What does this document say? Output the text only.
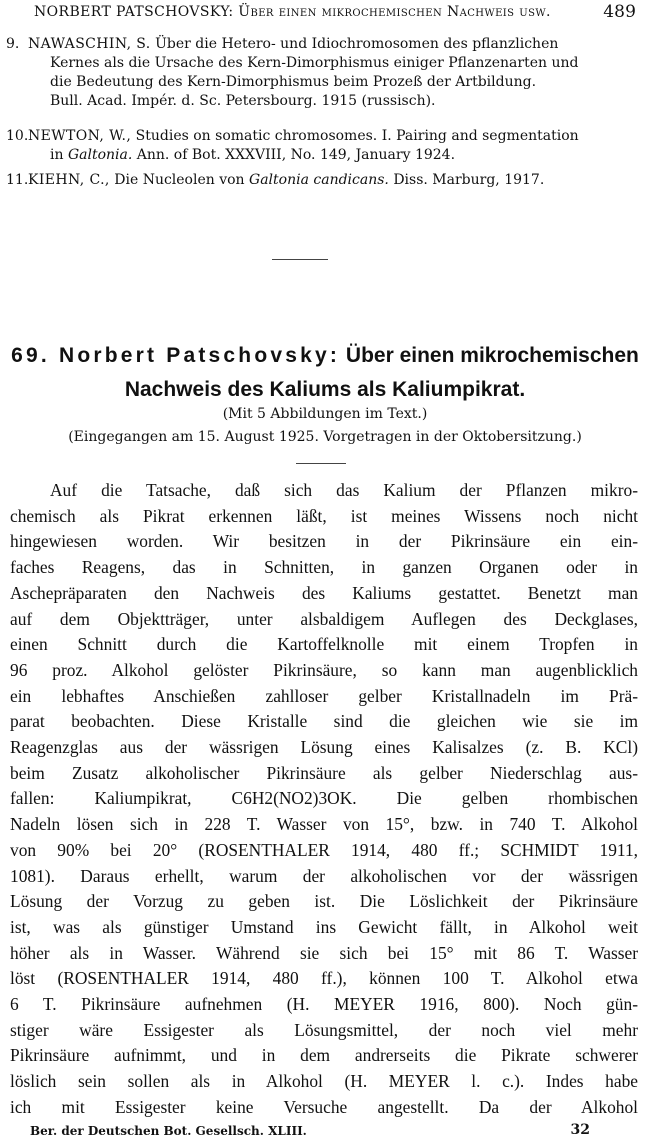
NORBERT PATSCHOVSKY: Über einen mikrochemischen Nachweis usw.	489
9. NAWASCHIN, S. Über die Hetero- und Idiochromosomen des pflanzlichen
Kernes als die Ursache des Kern-Dimorphismus einiger Pflanzenarten und
die Bedeutung des Kern-Dimorphismus beim Prozeß der Artbildung.
Bull. Acad. Impér. d. Sc. Petersbourg. 1915 (russisch).
10. NEWTON, W., Studies on somatic chromosomes. I. Pairing and segmentation
in Galtonia. Ann. of Bot. XXXVIII, No. 149, January 1924.
11. KIEHN, C., Die Nucleolen von Galtonia candicans. Diss. Marburg, 1917.
69. Norbert Patschovsky: Über einen mikrochemischen
Nachweis des Kaliums als Kaliumpikrat.
(Mit 5 Abbildungen im Text.)
(Eingegangen am 15. August 1925. Vorgetragen in der Oktobersitzung.)
Auf die Tatsache, daß sich das Kalium der Pflanzen mikro-
chemisch als Pikrat erkennen läßt, ist meines Wissens noch nicht
hingewiesen worden. Wir besitzen in der Pikrinsäure ein ein-
faches Reagens, das in Schnitten, in ganzen Organen oder in
Aschepräparaten den Nachweis des Kaliums gestattet. Benetzt man
auf dem Objektträger, unter alsbaldigem Auflegen des Deckglases,
einen Schnitt durch die Kartoffelknolle mit einem Tropfen in
96 proz. Alkohol gelöster Pikrinsäure, so kann man augenblicklich
ein lebhaftes Anschießen zahlloser gelber Kristallnadeln im Prä-
parat beobachten. Diese Kristalle sind die gleichen wie sie im
Reagenzglas aus der wässrigen Lösung eines Kalisalzes (z. B. KCl)
beim Zusatz alkoholischer Pikrinsäure als gelber Niederschlag aus-
fallen: Kaliumpikrat, C6H2(NO2)3OK. Die gelben rhombischen
Nadeln lösen sich in 228 T. Wasser von 15°, bzw. in 740 T. Alkohol
von 90% bei 20° (ROSENTHALER 1914, 480 ff.; SCHMIDT 1911,
1081). Daraus erhellt, warum der alkoholischen vor der wässrigen
Lösung der Vorzug zu geben ist. Die Löslichkeit der Pikrinsäure
ist, was als günstiger Umstand ins Gewicht fällt, in Alkohol weit
höher als in Wasser. Während sie sich bei 15° mit 86 T. Wasser
löst (ROSENTHALER 1914, 480 ff.), können 100 T. Alkohol etwa
6 T. Pikrinsäure aufnehmen (H. MEYER 1916, 800). Noch gün-
stiger wäre Essigester als Lösungsmittel, der noch viel mehr
Pikrinsäure aufnimmt, und in dem andrerseits die Pikrate schwerer
löslich sein sollen als in Alkohol (H. MEYER l. c.). Indes habe
ich mit Essigester keine Versuche angestellt. Da der Alkohol
Ber. der Deutschen Bot. Gesellsch. XLIII.	32
